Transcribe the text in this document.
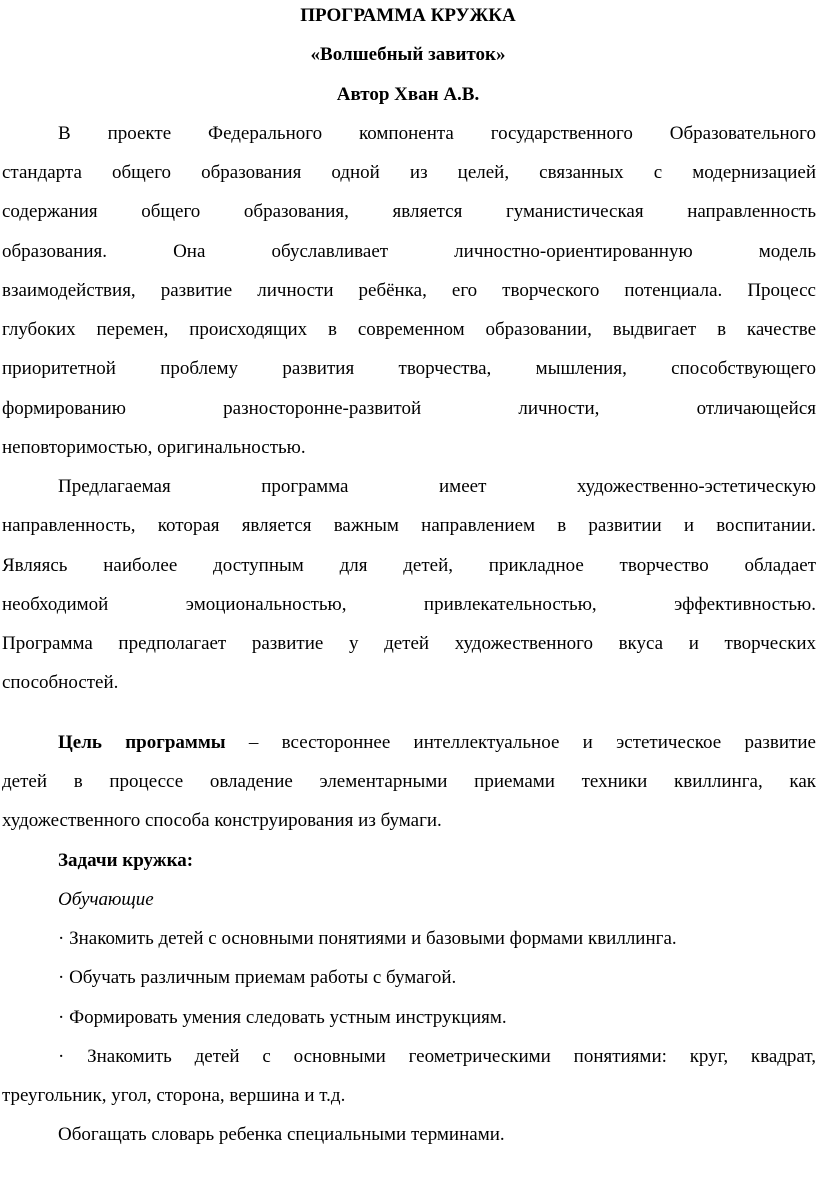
ПРОГРАММА КРУЖКА
«Волшебный завиток»
Автор Хван А.В.
В проекте Федерального компонента государственного Образовательного
стандарта общего образования одной из целей, связанных с модернизацией
содержания общего образования, является гуманистическая направленность
образования. Она обуславливает личностно-ориентированную модель
взаимодействия, развитие личности ребёнка, его творческого потенциала. Процесс
глубоких перемен, происходящих в современном образовании, выдвигает в качестве
приоритетной проблему развития творчества, мышления, способствующего
формированию разносторонне-развитой личности, отличающейся
неповторимостью, оригинальностью.
Предлагаемая программа имеет художественно-эстетическую
направленность, которая является важным направлением в развитии и воспитании.
Являясь наиболее доступным для детей, прикладное творчество обладает
необходимой эмоциональностью, привлекательностью, эффективностью.
Программа предполагает развитие у детей художественного вкуса и творческих
способностей.
Цель программы – всестороннее интеллектуальное и эстетическое развитие
детей в процессе овладение элементарными приемами техники квиллинга, как
художественного способа конструирования из бумаги.
Задачи кружка:
Обучающие
· Знакомить детей с основными понятиями и базовыми формами квиллинга.
· Обучать различным приемам работы с бумагой.
· Формировать умения следовать устным инструкциям.
· Знакомить детей с основными геометрическими понятиями: круг, квадрат,
треугольник, угол, сторона, вершина и т.д.
Обогащать словарь ребенка специальными терминами.
